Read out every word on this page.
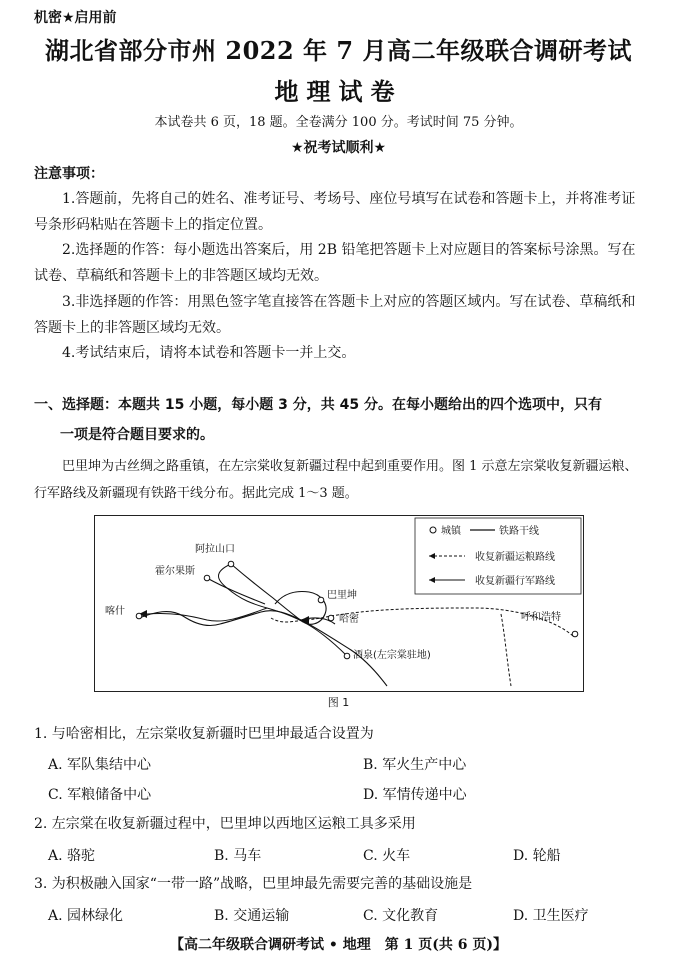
机密★启用前
湖北省部分市州 2022 年 7 月高二年级联合调研考试
地理试卷
本试卷共 6 页，18 题。全卷满分 100 分。考试时间 75 分钟。
★祝考试顺利★
注意事项：
1.答题前，先将自己的姓名、准考证号、考场号、座位号填写在试卷和答题卡上，并将准考证号条形码粘贴在答题卡上的指定位置。
2.选择题的作答：每小题选出答案后，用 2B 铅笔把答题卡上对应题目的答案标号涂黑。写在试卷、草稿纸和答题卡上的非答题区域均无效。
3.非选择题的作答：用黑色签字笔直接答在答题卡上对应的答题区域内。写在试卷、草稿纸和答题卡上的非答题区域均无效。
4.考试结束后，请将本试卷和答题卡一并上交。
一、选择题：本题共 15 小题，每小题 3 分，共 45 分。在每小题给出的四个选项中，只有
一项是符合题目要求的。
巴里坤为古丝绸之路重镇，在左宗棠收复新疆过程中起到重要作用。图 1 示意左宗棠收复新疆运粮、行军路线及新疆现有铁路干线分布。据此完成 1～3 题。
城镇	铁路干线
收复新疆运粮路线
收复新疆行军路线
阿拉山口
霍尔果斯
喀什
巴里坤
哈密	呼和浩特
酒泉(左宗棠驻地)
图 1
1. 与哈密相比，左宗棠收复新疆时巴里坤最适合设置为
A. 军队集结中心	B. 军火生产中心
C. 军粮储备中心	D. 军情传递中心
2. 左宗棠在收复新疆过程中，巴里坤以西地区运粮工具多采用
A. 骆驼	B. 马车	C. 火车	D. 轮船
3. 为积极融入国家“一带一路”战略，巴里坤最先需要完善的基础设施是
A. 园林绿化	B. 交通运输	C. 文化教育	D. 卫生医疗
【高二年级联合调研考试 • 地理　第 1 页(共 6 页)】
